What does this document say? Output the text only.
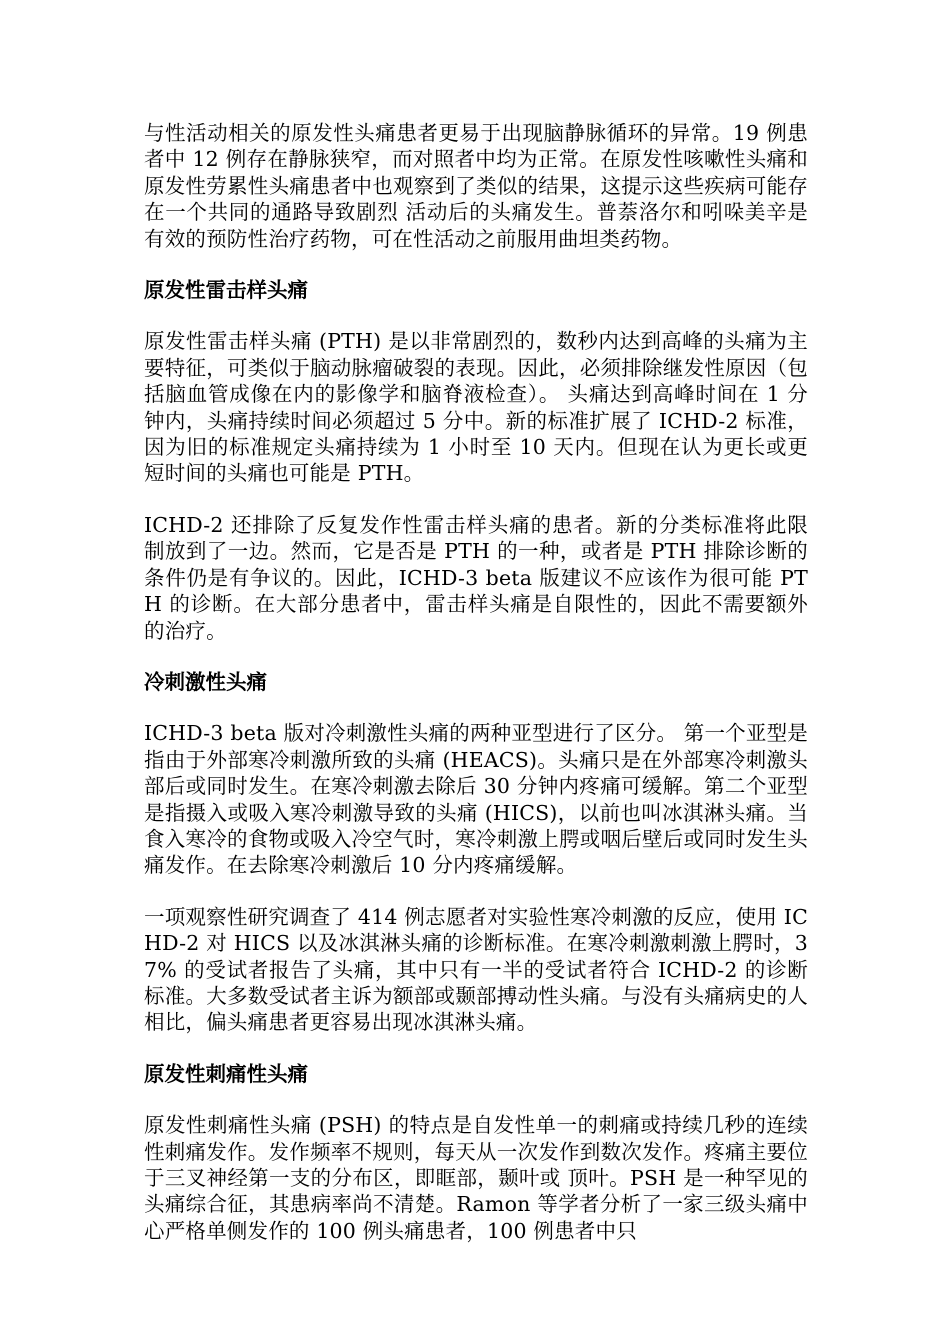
与性活动相关的原发性头痛患者更易于出现脑静脉循环的异常。19 例患者中 12 例存在静脉狭窄，而对照者中均为正常。在原发性咳嗽性头痛和原发性劳累性头痛患者中也观察到了类似的结果，这提示这些疾病可能存在一个共同的通路导致剧烈 活动后的头痛发生。普萘洛尔和吲哚美辛是有效的预防性治疗药物，可在性活动之前服用曲坦类药物。

原发性雷击样头痛

原发性雷击样头痛 (PTH) 是以非常剧烈的，数秒内达到高峰的头痛为主要特征，可类似于脑动脉瘤破裂的表现。因此，必须排除继发性原因（包括脑血管成像在内的影像学和脑脊液检查）。 头痛达到高峰时间在 1 分钟内，头痛持续时间必须超过 5 分中。新的标准扩展了 ICHD-2 标准，因为旧的标准规定头痛持续为 1 小时至 10 天内。但现在认为更长或更短时间的头痛也可能是 PTH。

ICHD-2 还排除了反复发作性雷击样头痛的患者。新的分类标准将此限制放到了一边。然而，它是否是 PTH 的一种，或者是 PTH 排除诊断的条件仍是有争议的。因此，ICHD-3 beta 版建议不应该作为很可能 PTH 的诊断。在大部分患者中，雷击样头痛是自限性的，因此不需要额外的治疗。

冷刺激性头痛

ICHD-3 beta 版对冷刺激性头痛的两种亚型进行了区分。 第一个亚型是指由于外部寒冷刺激所致的头痛 (HEACS)。头痛只是在外部寒冷刺激头部后或同时发生。在寒冷刺激去除后 30 分钟内疼痛可缓解。第二个亚型是指摄入或吸入寒冷刺激导致的头痛 (HICS)，以前也叫冰淇淋头痛。当食入寒冷的食物或吸入冷空气时，寒冷刺激上腭或咽后壁后或同时发生头痛发作。在去除寒冷刺激后 10 分内疼痛缓解。

一项观察性研究调查了 414 例志愿者对实验性寒冷刺激的反应，使用 ICHD-2 对 HICS 以及冰淇淋头痛的诊断标准。在寒冷刺激刺激上腭时，37% 的受试者报告了头痛，其中只有一半的受试者符合 ICHD-2 的诊断标准。大多数受试者主诉为额部或颞部搏动性头痛。与没有头痛病史的人相比，偏头痛患者更容易出现冰淇淋头痛。

原发性刺痛性头痛

原发性刺痛性头痛 (PSH) 的特点是自发性单一的刺痛或持续几秒的连续性刺痛发作。发作频率不规则，每天从一次发作到数次发作。疼痛主要位于三叉神经第一支的分布区，即眶部，颞叶或 顶叶。PSH 是一种罕见的头痛综合征，其患病率尚不清楚。Ramon 等学者分析了一家三级头痛中心严格单侧发作的 100 例头痛患者，100 例患者中只
